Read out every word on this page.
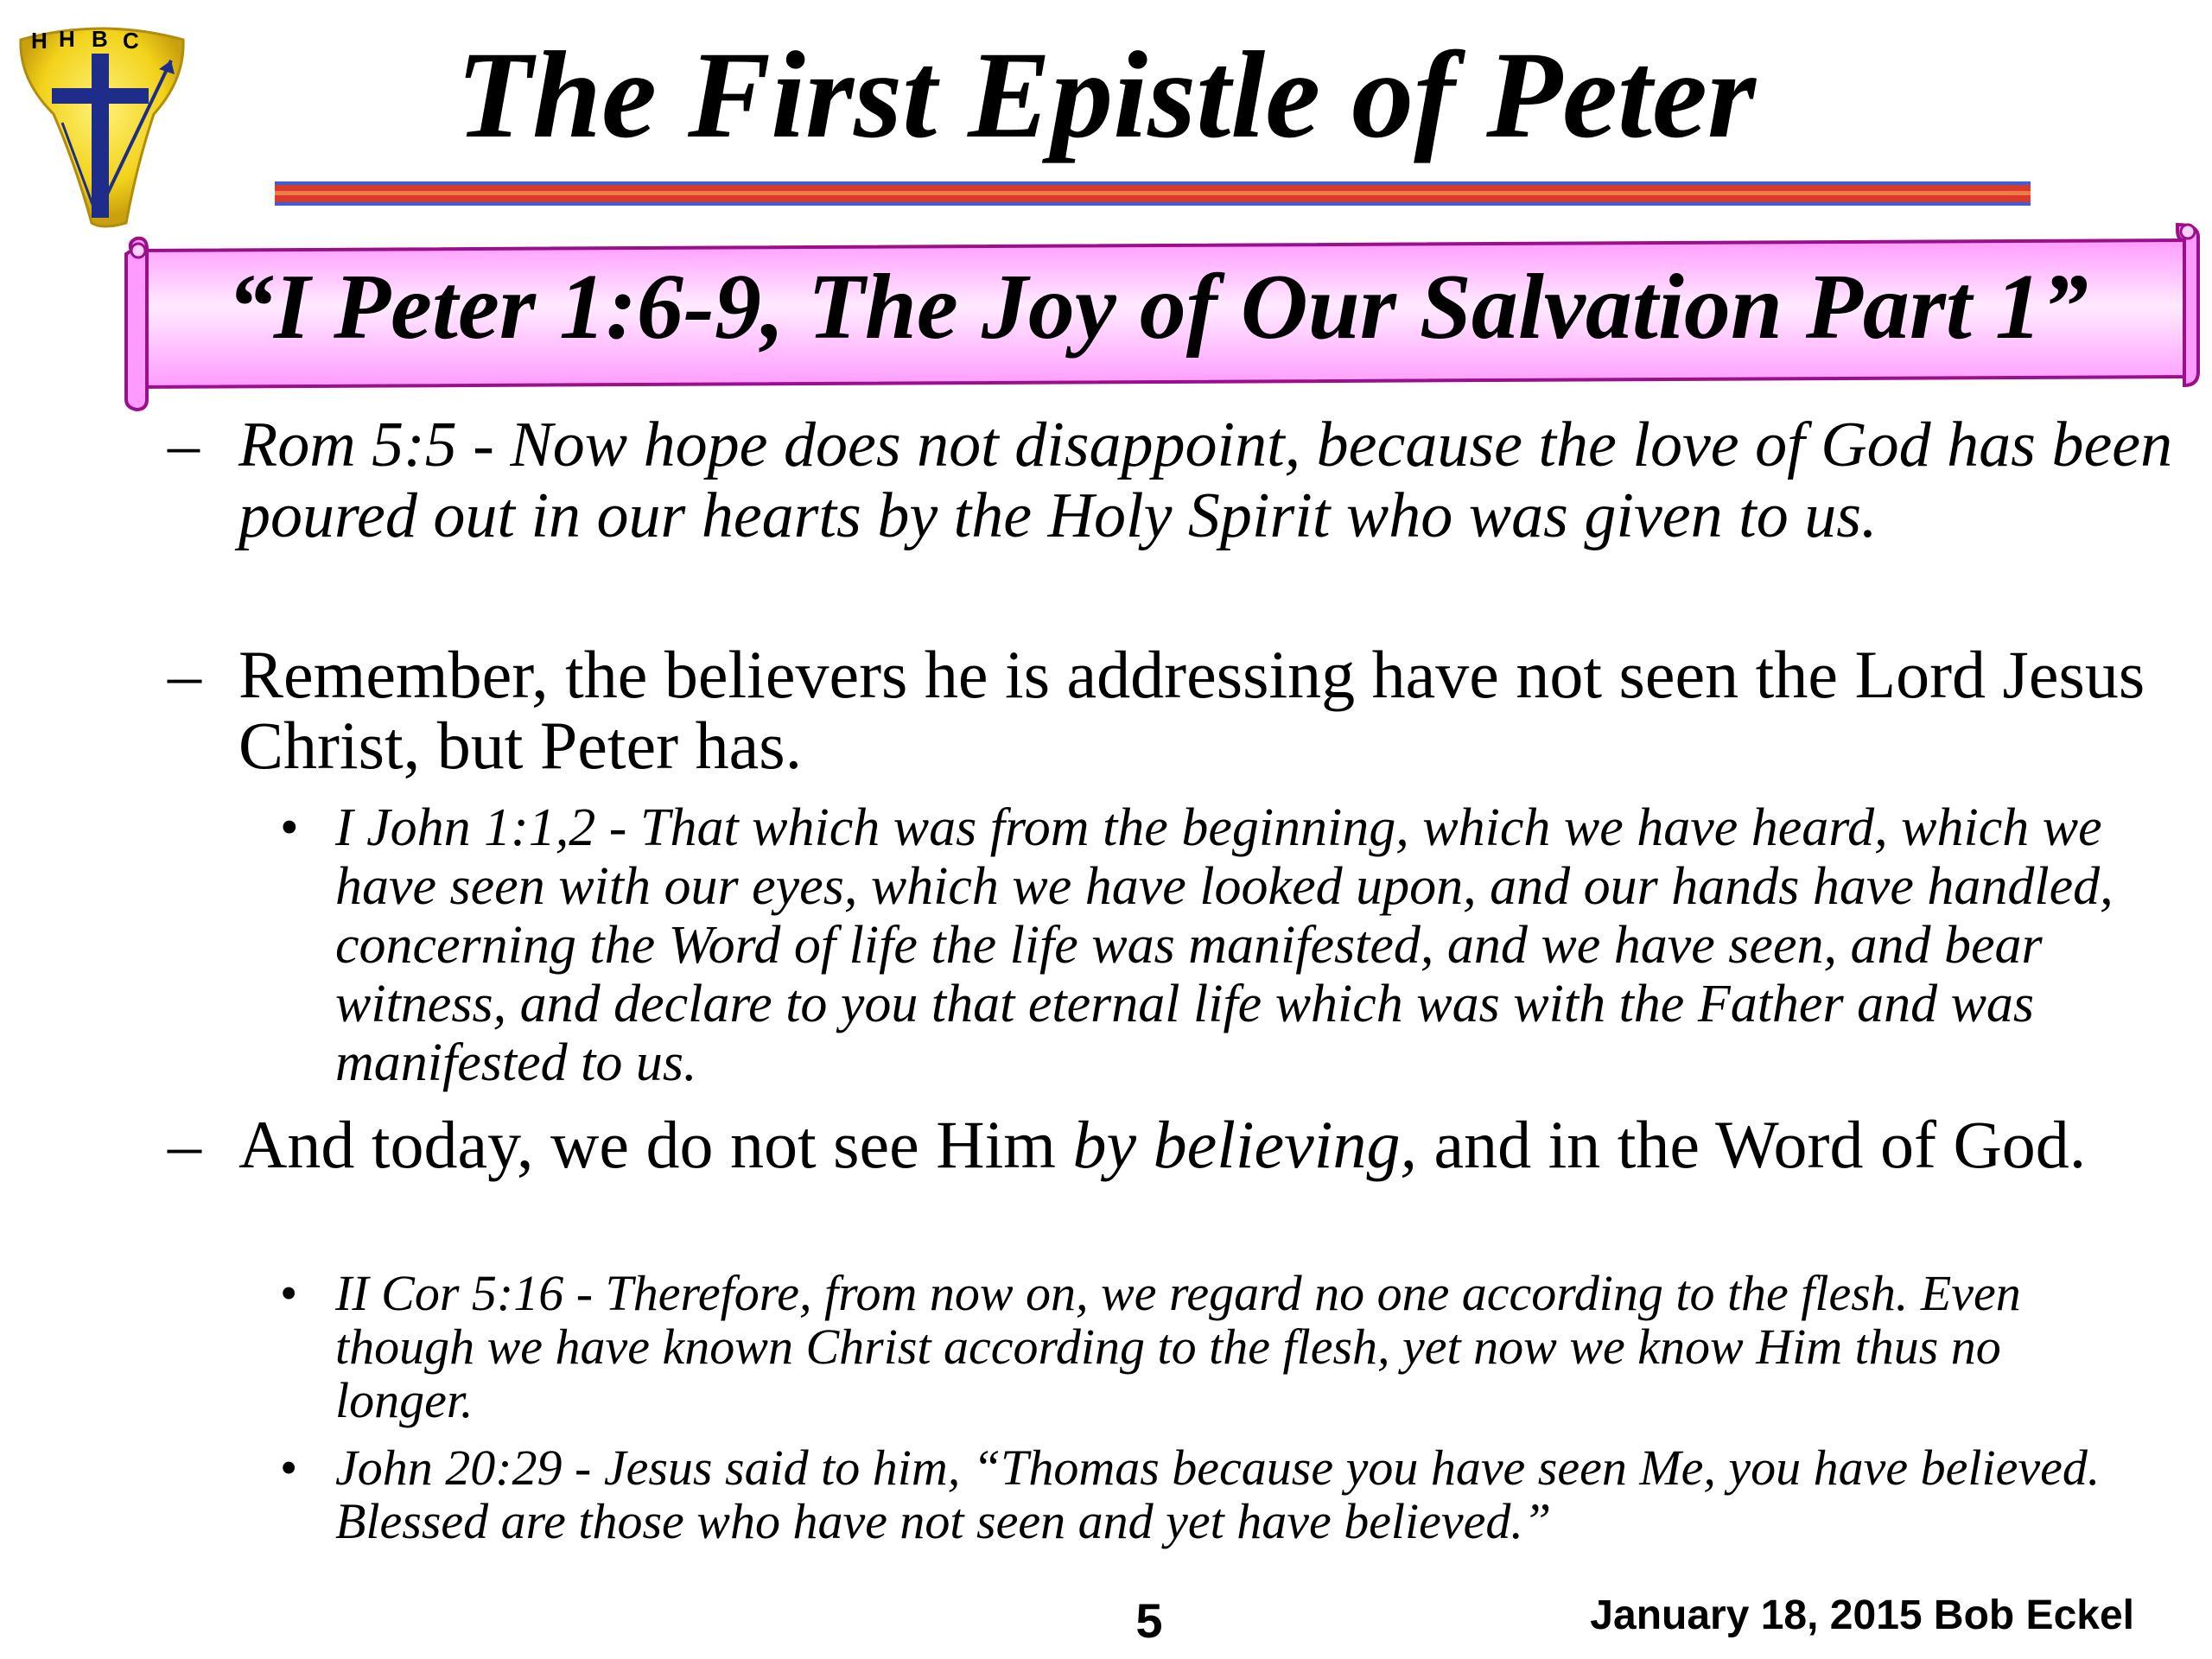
H H B C	The First Epistle of Peter
“I Peter 1:6-9, The Joy of Our Salvation Part 1”
– Rom 5:5 - Now hope does not disappoint, because the love of God has been poured out in our hearts by the Holy Spirit who was given to us.
– Remember, the believers he is addressing have not seen the Lord Jesus Christ, but Peter has.
• I John 1:1,2 - That which was from the beginning, which we have heard, which we have seen with our eyes, which we have looked upon, and our hands have handled, concerning the Word of life the life was manifested, and we have seen, and bear witness, and declare to you that eternal life which was with the Father and was manifested to us.
– And today, we do not see Him by believing, and in the Word of God.
• II Cor 5:16 - Therefore, from now on, we regard no one according to the flesh. Even though we have known Christ according to the flesh, yet now we know Him thus no longer.
• John 20:29 - Jesus said to him, “Thomas because you have seen Me, you have believed. Blessed are those who have not seen and yet have believed.”
5	January 18, 2015 Bob Eckel
